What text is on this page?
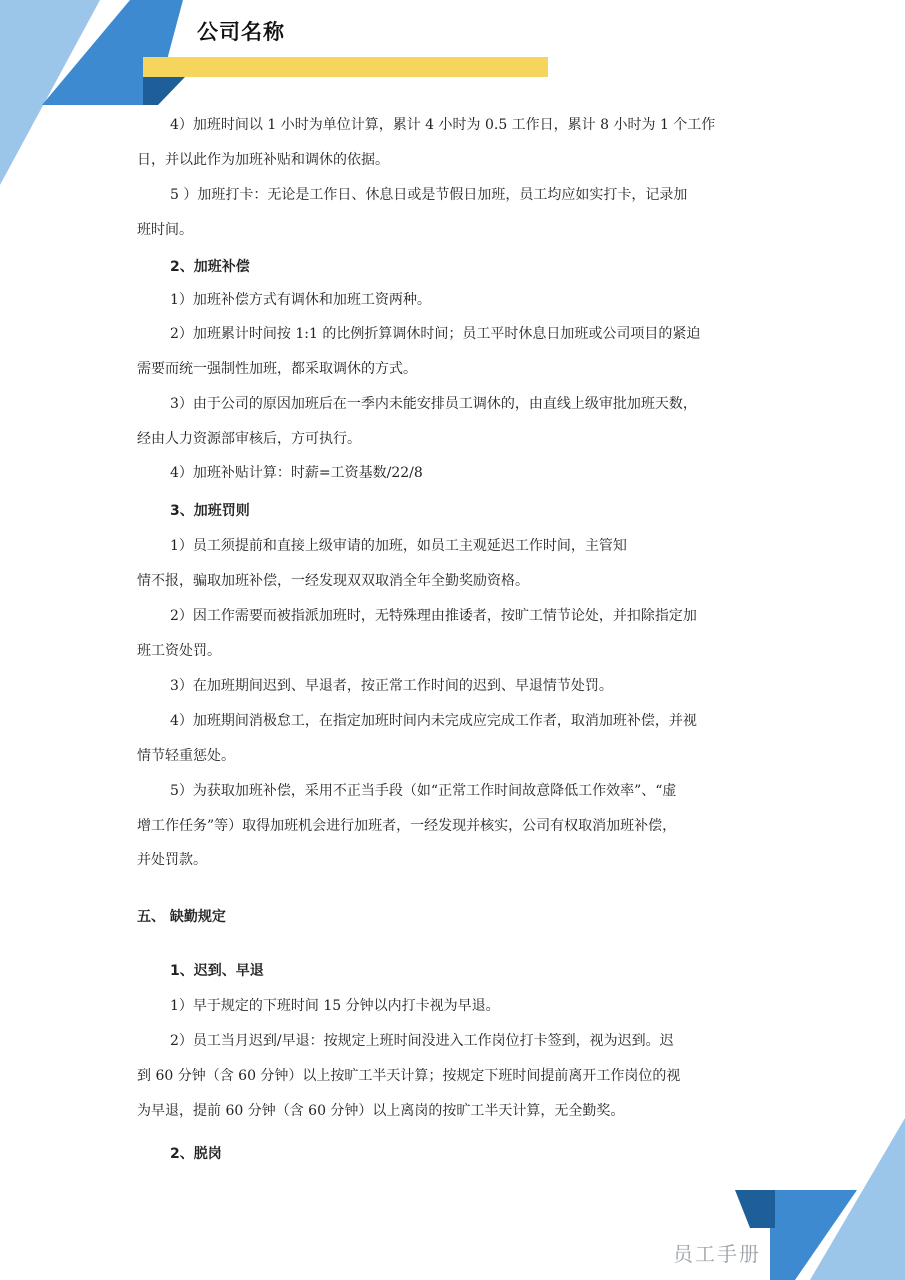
公司名称
4）加班时间以 1 小时为单位计算，累计 4 小时为 0.5 工作日，累计 8 小时为 1 个工作
日，并以此作为加班补贴和调休的依据。
5 ）加班打卡：无论是工作日、休息日或是节假日加班，员工均应如实打卡，记录加
班时间。
2、加班补偿
1）加班补偿方式有调休和加班工资两种。
2）加班累计时间按 1:1 的比例折算调休时间；员工平时休息日加班或公司项目的紧迫
需要而统一强制性加班，都采取调休的方式。
3）由于公司的原因加班后在一季内未能安排员工调休的，由直线上级审批加班天数，
经由人力资源部审核后，方可执行。
4）加班补贴计算：时薪=工资基数/22/8
3、加班罚则
1）员工须提前和直接上级审请的加班，如员工主观延迟工作时间，主管知
情不报，骗取加班补偿，一经发现双双取消全年全勤奖励资格。
2）因工作需要而被指派加班时，无特殊理由推诿者，按旷工情节论处，并扣除指定加
班工资处罚。
3）在加班期间迟到、早退者，按正常工作时间的迟到、早退情节处罚。
4）加班期间消极怠工，在指定加班时间内未完成应完成工作者，取消加班补偿，并视
情节轻重惩处。
5）为获取加班补偿，采用不正当手段（如“正常工作时间故意降低工作效率”、“虚
增工作任务”等）取得加班机会进行加班者，一经发现并核实，公司有权取消加班补偿，
并处罚款。
五、 缺勤规定
1、迟到、早退
1）早于规定的下班时间 15 分钟以内打卡视为早退。
2）员工当月迟到/早退：按规定上班时间没进入工作岗位打卡签到，视为迟到。迟
到 60 分钟（含 60 分钟）以上按旷工半天计算；按规定下班时间提前离开工作岗位的视
为早退，提前 60 分钟（含 60 分钟）以上离岗的按旷工半天计算，无全勤奖。
2、脱岗
员工手册
